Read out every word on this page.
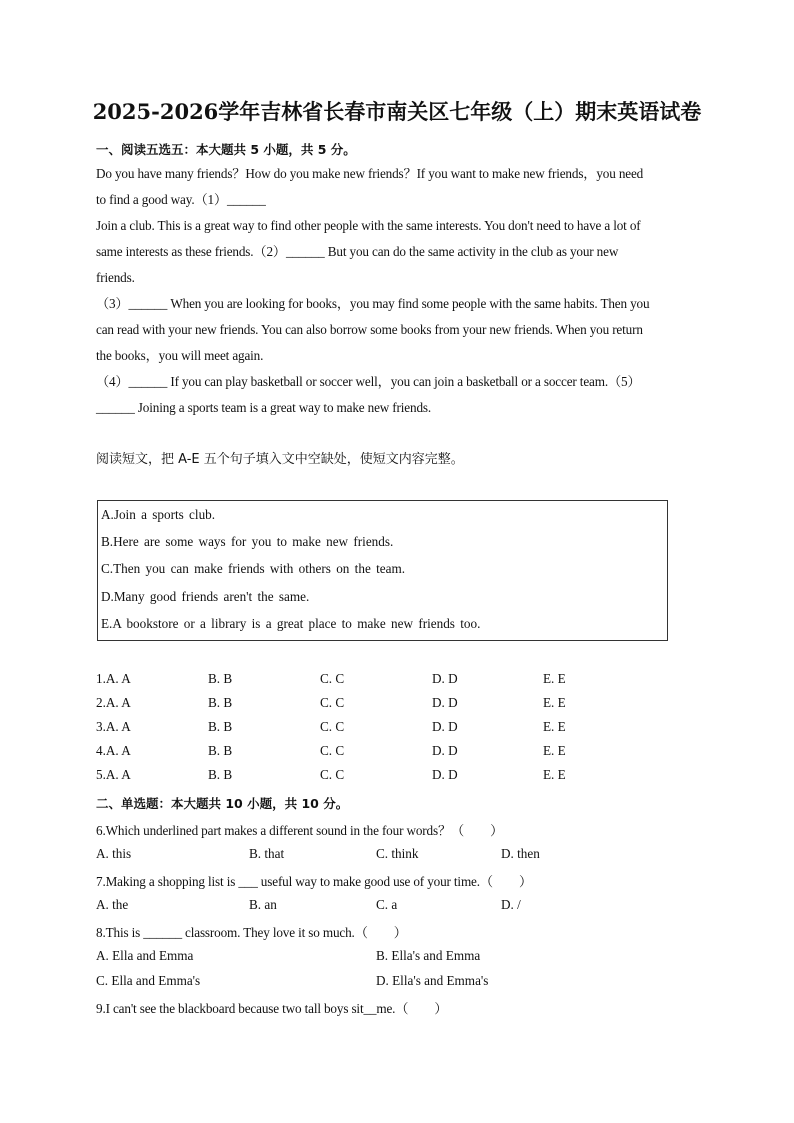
2025-2026学年吉林省长春市南关区七年级（上）期末英语试卷
一、阅读五选五：本大题共 5 小题，共 5 分。

Do you have many friends？How do you make new friends？If you want to make new friends，you need

to find a good way.（1）______

Join a club. This is a great way to find other people with the same interests. You don't need to have a lot of

same interests as these friends.（2）______ But you can do the same activity in the club as your new

friends.

（3）______ When you are looking for books，you may find some people with the same habits. Then you

can read with your new friends. You can also borrow some books from your new friends. When you return

the books，you will meet again.

（4）______ If you can play basketball or soccer well，you can join a basketball or a soccer team.（5）

______ Joining a sports team is a great way to make new friends.

阅读短文，把 A-E 五个句子填入文中空缺处，使短文内容完整。
A.Join a sports club.
B.Here are some ways for you to make new friends.
C.Then you can make friends with others on the team.
D.Many good friends aren't the same.
E.A bookstore or a library is a great place to make new friends too.
1.A. A	B. B	C. C	D. D	E. E
2.A. A	B. B	C. C	D. D	E. E
3.A. A	B. B	C. C	D. D	E. E
4.A. A	B. B	C. C	D. D	E. E
5.A. A	B. B	C. C	D. D	E. E
二、单选题：本大题共 10 小题，共 10 分。
6.Which underlined part makes a different sound in the four words？（　　）
A. this	B. that	C. think	D. then
7.Making a shopping list is ___ useful way to make good use of your time.（　　）
A. the	B. an	C. a	D. /
8.This is ______ classroom. They love it so much.（　　）
A. Ella and Emma	B. Ella's and Emma
C. Ella and Emma's	D. Ella's and Emma's
9.I can't see the blackboard because two tall boys sit__me.（　　）
